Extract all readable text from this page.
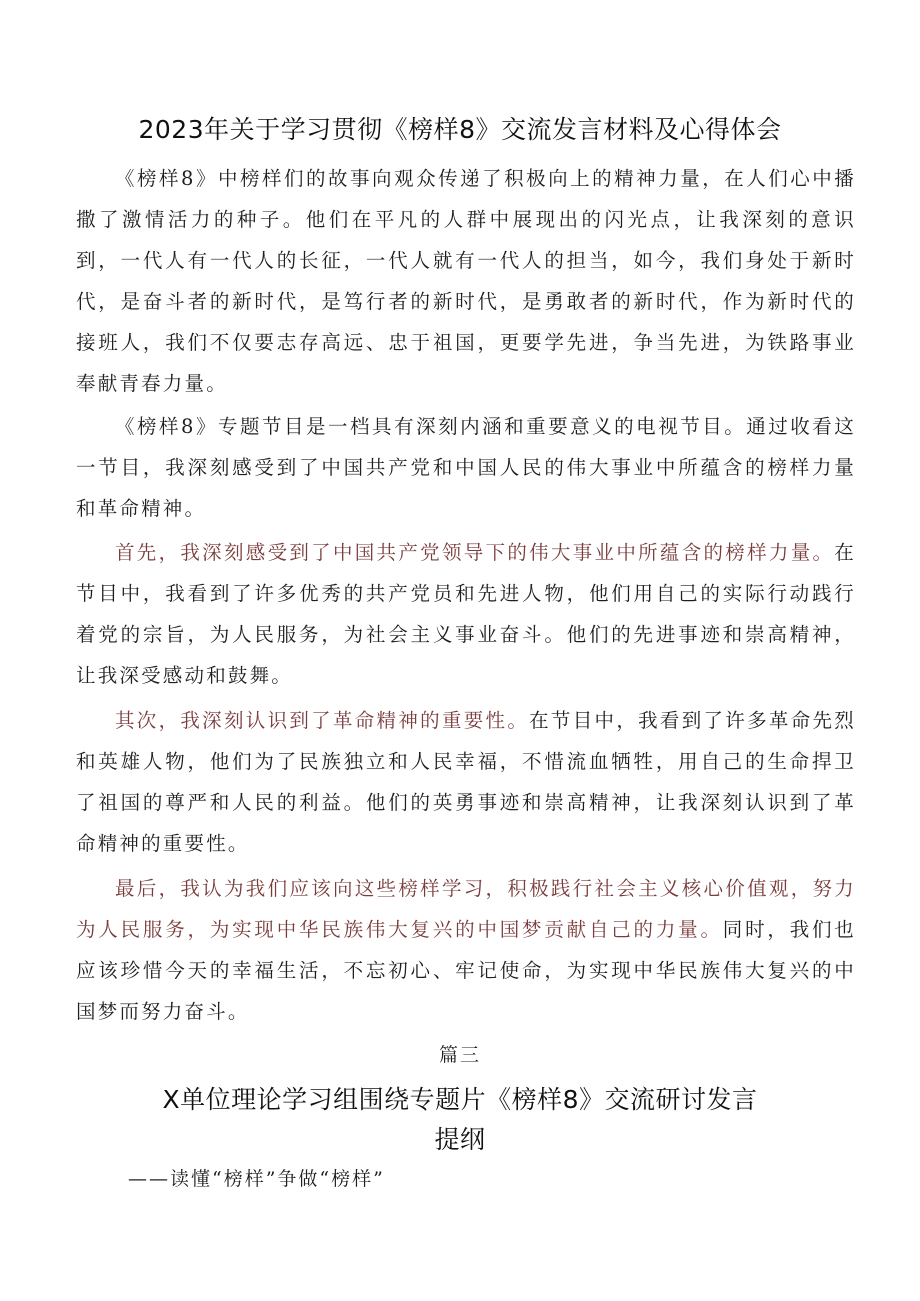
2023年关于学习贯彻《榜样8》交流发言材料及心得体会

《榜样8》中榜样们的故事向观众传递了积极向上的精神力量，在人们心中播撒了激情活力的种子。他们在平凡的人群中展现出的闪光点，让我深刻的意识到，一代人有一代人的长征，一代人就有一代人的担当，如今，我们身处于新时代，是奋斗者的新时代，是笃行者的新时代，是勇敢者的新时代，作为新时代的接班人，我们不仅要志存高远、忠于祖国，更要学先进，争当先进，为铁路事业奉献青春力量。

《榜样8》专题节目是一档具有深刻内涵和重要意义的电视节目。通过收看这一节目，我深刻感受到了中国共产党和中国人民的伟大事业中所蕴含的榜样力量和革命精神。

首先，我深刻感受到了中国共产党领导下的伟大事业中所蕴含的榜样力量。在节目中，我看到了许多优秀的共产党员和先进人物，他们用自己的实际行动践行着党的宗旨，为人民服务，为社会主义事业奋斗。他们的先进事迹和崇高精神，让我深受感动和鼓舞。

其次，我深刻认识到了革命精神的重要性。在节目中，我看到了许多革命先烈和英雄人物，他们为了民族独立和人民幸福，不惜流血牺牲，用自己的生命捍卫了祖国的尊严和人民的利益。他们的英勇事迹和崇高精神，让我深刻认识到了革命精神的重要性。

最后，我认为我们应该向这些榜样学习，积极践行社会主义核心价值观，努力为人民服务，为实现中华民族伟大复兴的中国梦贡献自己的力量。同时，我们也应该珍惜今天的幸福生活，不忘初心、牢记使命，为实现中华民族伟大复兴的中国梦而努力奋斗。

篇三

X单位理论学习组围绕专题片《榜样8》交流研讨发言
提纲

——读懂“榜样”争做“榜样”
